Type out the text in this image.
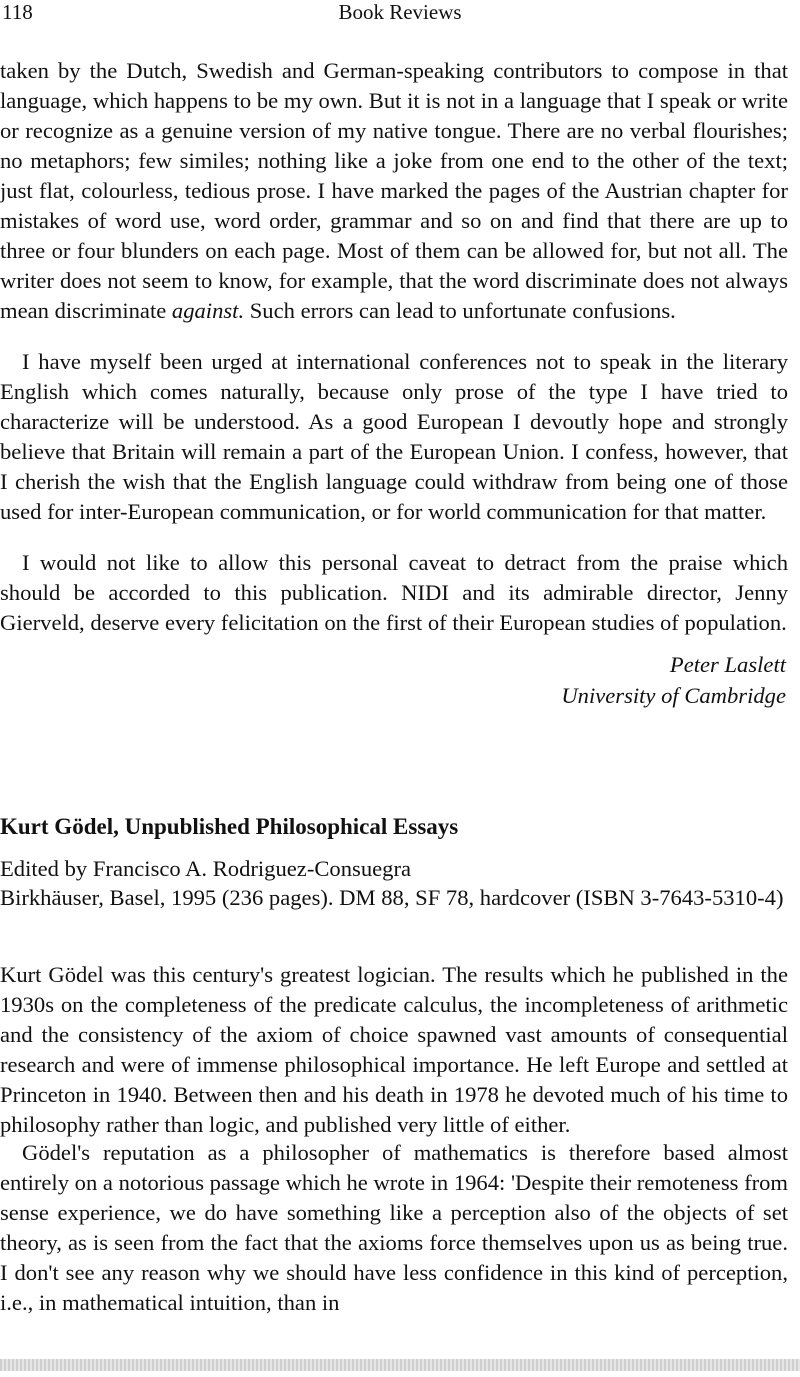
118	Book Reviews

taken by the Dutch, Swedish and German-speaking contributors to compose in that language, which happens to be my own. But it is not in a language that I speak or write or recognize as a genuine version of my native tongue. There are no verbal flourishes; no metaphors; few similes; nothing like a joke from one end to the other of the text; just flat, colourless, tedious prose. I have marked the pages of the Austrian chapter for mistakes of word use, word order, grammar and so on and find that there are up to three or four blunders on each page. Most of them can be allowed for, but not all. The writer does not seem to know, for example, that the word discriminate does not always mean discriminate against. Such errors can lead to unfortunate confusions.

I have myself been urged at international conferences not to speak in the literary English which comes naturally, because only prose of the type I have tried to characterize will be understood. As a good European I devoutly hope and strongly believe that Britain will remain a part of the European Union. I confess, however, that I cherish the wish that the English language could withdraw from being one of those used for inter-European communication, or for world communication for that matter.

I would not like to allow this personal caveat to detract from the praise which should be accorded to this publication. NIDI and its admirable director, Jenny Gierveld, deserve every felicitation on the first of their European studies of population.

Peter Laslett
University of Cambridge
Kurt Gödel, Unpublished Philosophical Essays

Edited by Francisco A. Rodriguez-Consuegra

Birkhäuser, Basel, 1995 (236 pages). DM 88, SF 78, hardcover (ISBN 3-7643-5310-4)

Kurt Gödel was this century's greatest logician. The results which he published in the 1930s on the completeness of the predicate calculus, the incompleteness of arithmetic and the consistency of the axiom of choice spawned vast amounts of consequential research and were of immense philosophical importance. He left Europe and settled at Princeton in 1940. Between then and his death in 1978 he devoted much of his time to philosophy rather than logic, and published very little of either.

Gödel's reputation as a philosopher of mathematics is therefore based almost entirely on a notorious passage which he wrote in 1964: 'Despite their remoteness from sense experience, we do have something like a perception also of the objects of set theory, as is seen from the fact that the axioms force themselves upon us as being true. I don't see any reason why we should have less confidence in this kind of perception, i.e., in mathematical intuition, than in
